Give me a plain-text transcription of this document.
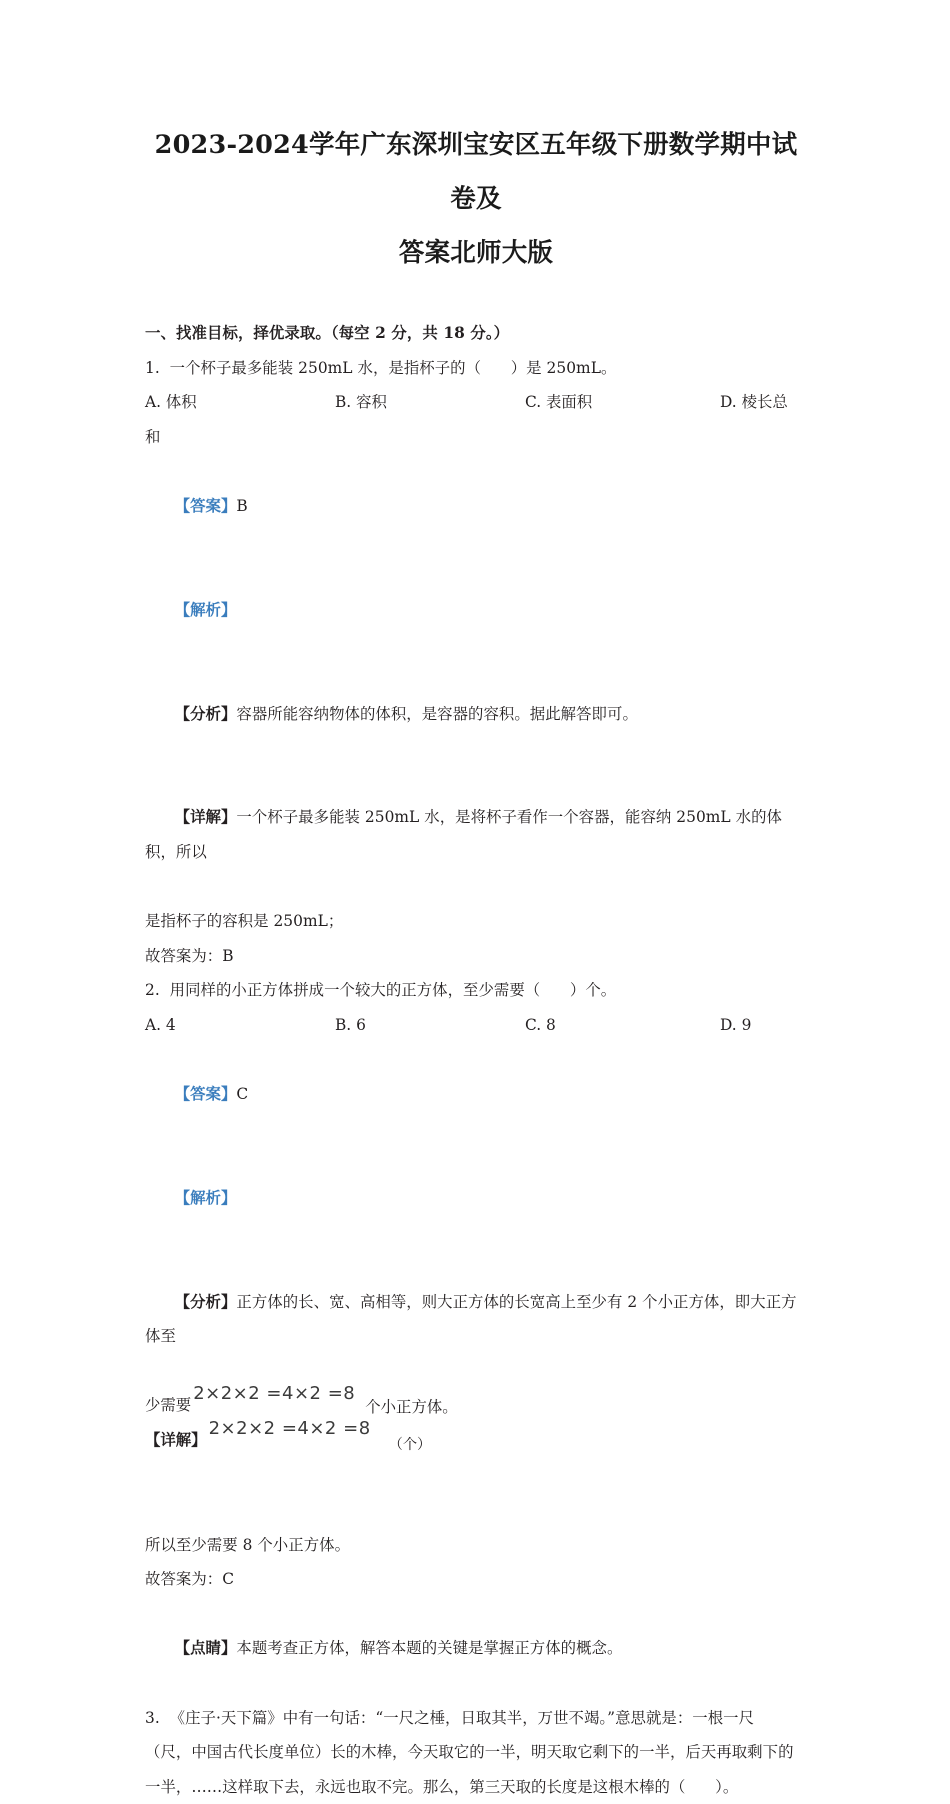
2023-2024学年广东深圳宝安区五年级下册数学期中试卷及
答案北师大版
一、找准目标，择优录取。（每空 2 分，共 18 分。）
1.  一个杯子最多能装 250mL 水，是指杯子的（      ）是 250mL。
A. 体积	B. 容积	C. 表面积	D. 棱长总
和

【答案】B

【解析】

【分析】容器所能容纳物体的体积，是容器的容积。据此解答即可。

【详解】一个杯子最多能装 250mL 水，是将杯子看作一个容器，能容纳 250mL 水的体积，所以

是指杯子的容积是 250mL；
故答案为：B
2.  用同样的小正方体拼成一个较大的正方体，至少需要（      ）个。
A. 4	B. 6	C. 8	D. 9

【答案】C

【解析】

【分析】正方体的长、宽、高相等，则大正方体的长宽高上至少有 2 个小正方体，即大正方体至

少需要2×2×2 =4×2 =8个小正方体。
【详解】2×2×2 =4×2 =8（个）
所以至少需要 8 个小正方体。
故答案为：C

【点睛】本题考查正方体，解答本题的关键是掌握正方体的概念。

3.  《庄子·天下篇》中有一句话：“一尺之棰，日取其半，万世不竭。”意思就是：一根一尺
（尺，中国古代长度单位）长的木棒，今天取它的一半，明天取它剩下的一半，后天再取剩下的
一半，……这样取下去，永远也取不完。那么，第三天取的长度是这根木棒的（      ）。
